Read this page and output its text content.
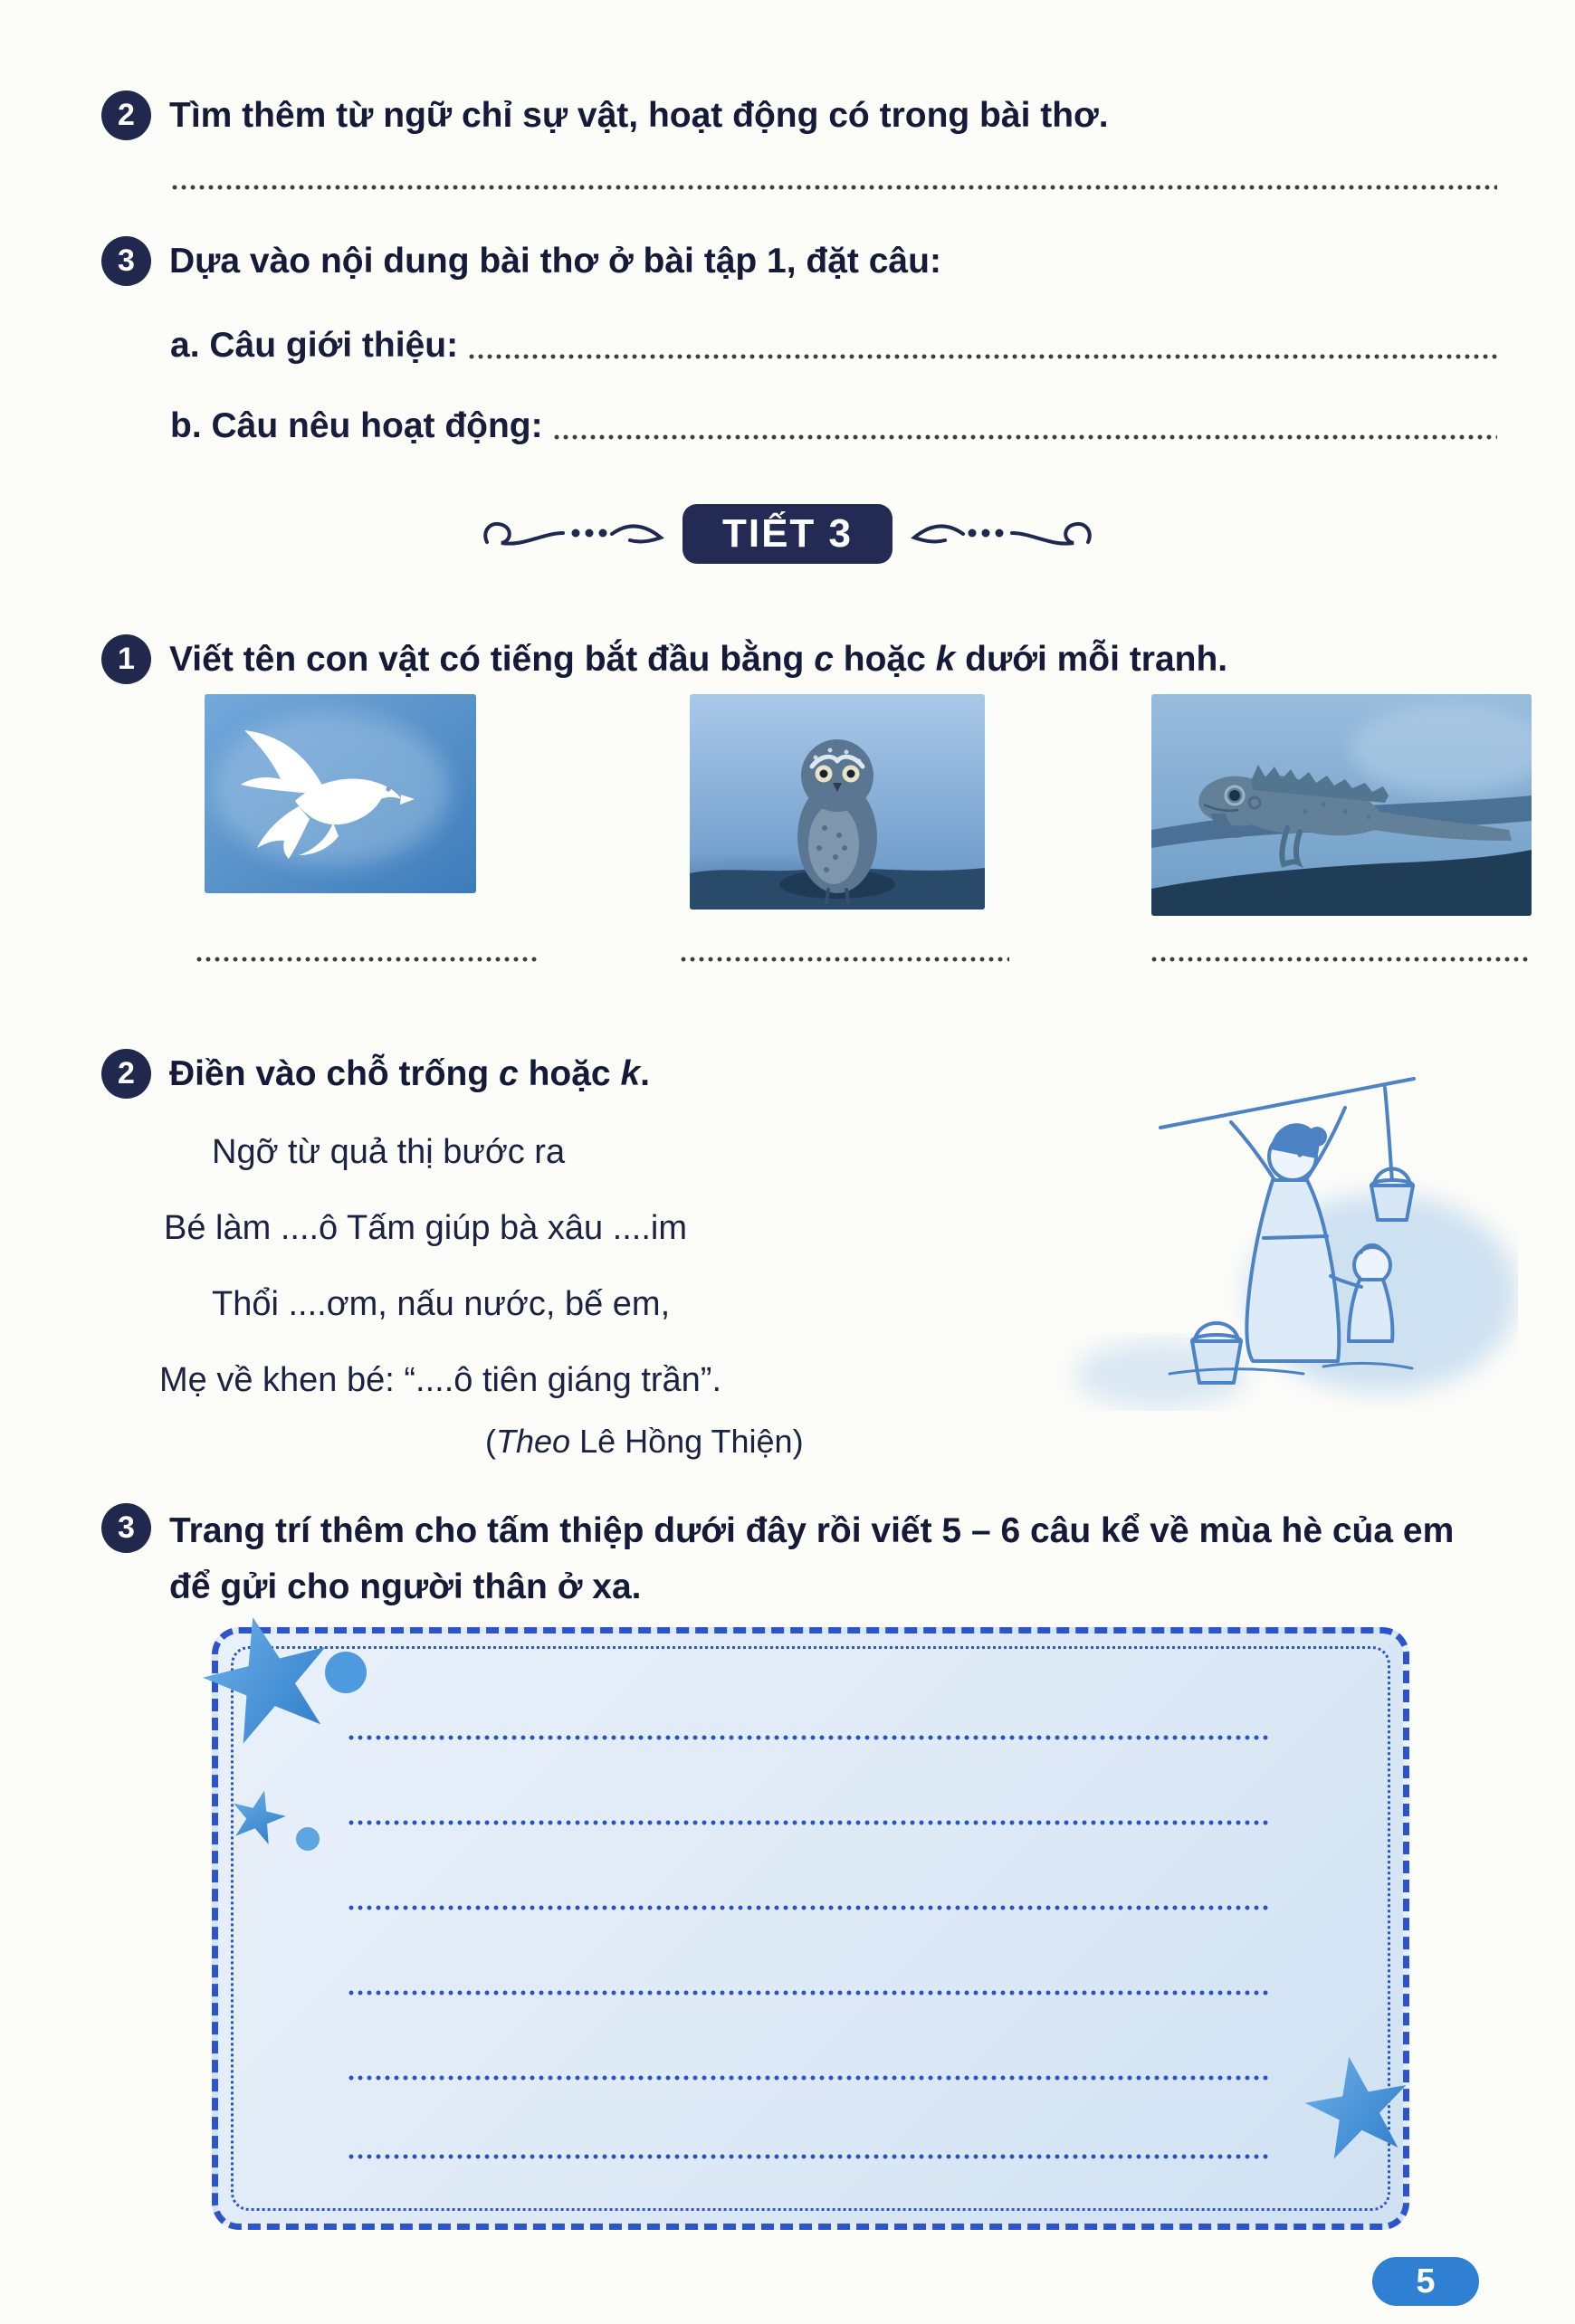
2 Tìm thêm từ ngữ chỉ sự vật, hoạt động có trong bài thơ.
3 Dựa vào nội dung bài thơ ở bài tập 1, đặt câu:
a. Câu giới thiệu:
b. Câu nêu hoạt động:
TIẾT 3
1 Viết tên con vật có tiếng bắt đầu bằng c hoặc k dưới mỗi tranh.
2 Điền vào chỗ trống c hoặc k.
Ngỡ từ quả thị bước ra
Bé làm ....ô Tấm giúp bà xâu ....im
Thổi ....ơm, nấu nước, bế em,
Mẹ về khen bé: “....ô tiên giáng trần”.
(Theo Lê Hồng Thiện)
3 Trang trí thêm cho tấm thiệp dưới đây rồi viết 5 – 6 câu kể về mùa hè của em để gửi cho người thân ở xa.
5
